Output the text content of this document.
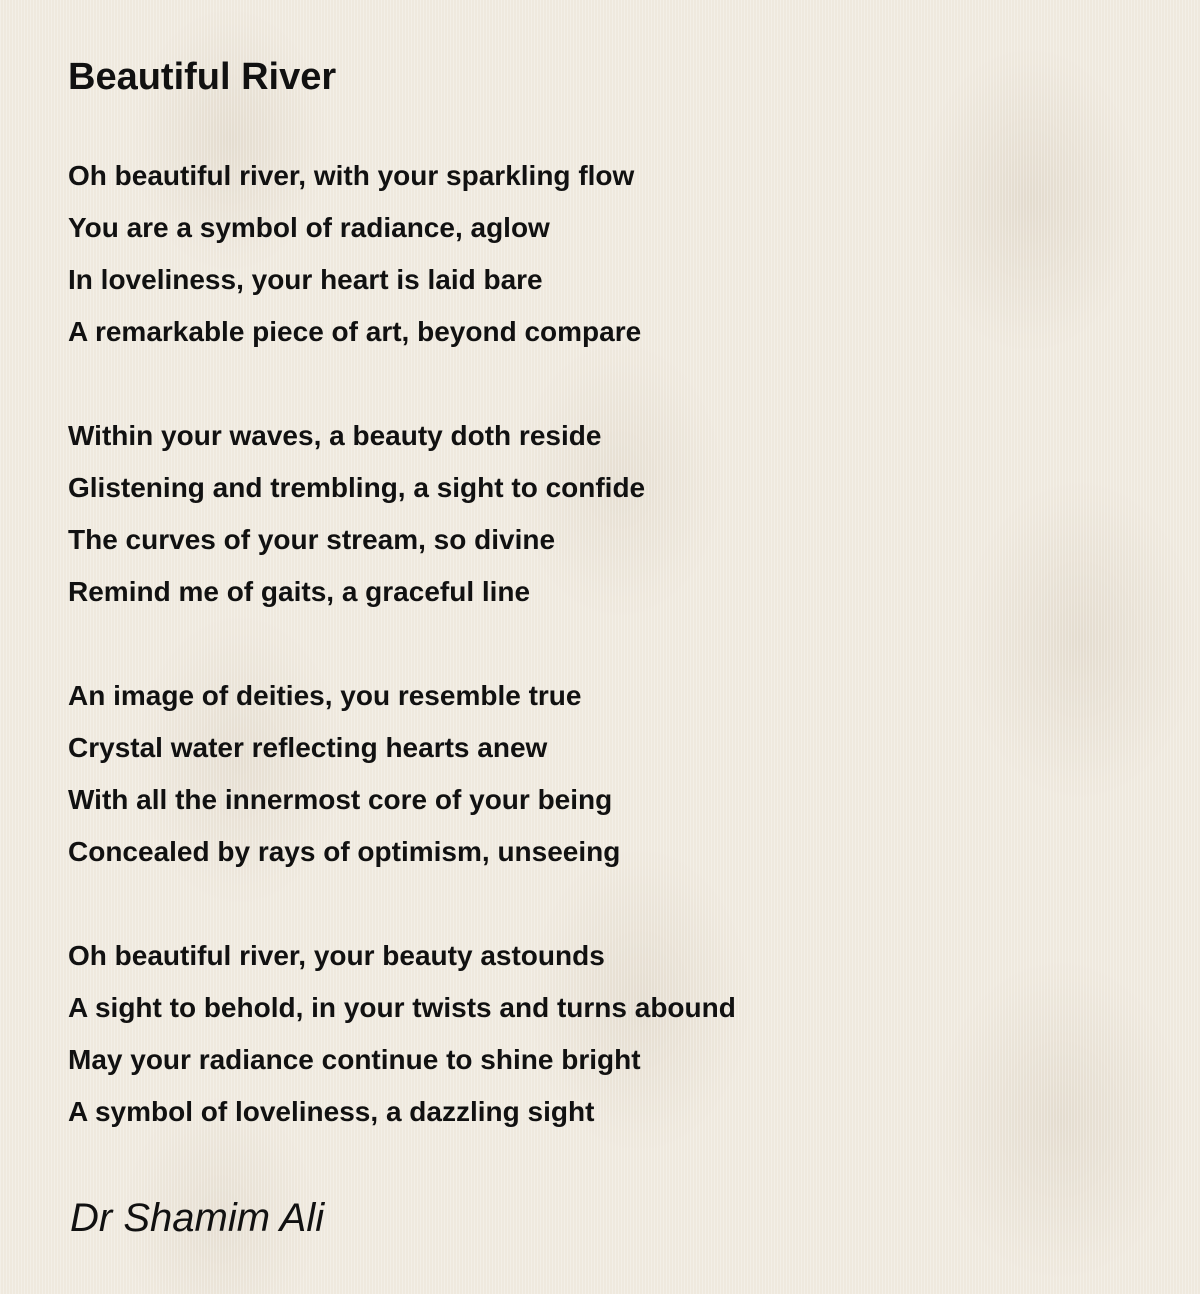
Beautiful River
Oh beautiful river, with your sparkling flow
You are a symbol of radiance, aglow
In loveliness, your heart is laid bare
A remarkable piece of art, beyond compare
Within your waves, a beauty doth reside
Glistening and trembling, a sight to confide
The curves of your stream, so divine
Remind me of gaits, a graceful line
An image of deities, you resemble true
Crystal water reflecting hearts anew
With all the innermost core of your being
Concealed by rays of optimism, unseeing
Oh beautiful river, your beauty astounds
A sight to behold, in your twists and turns abound
May your radiance continue to shine bright
A symbol of loveliness, a dazzling sight

Dr Shamim Ali
